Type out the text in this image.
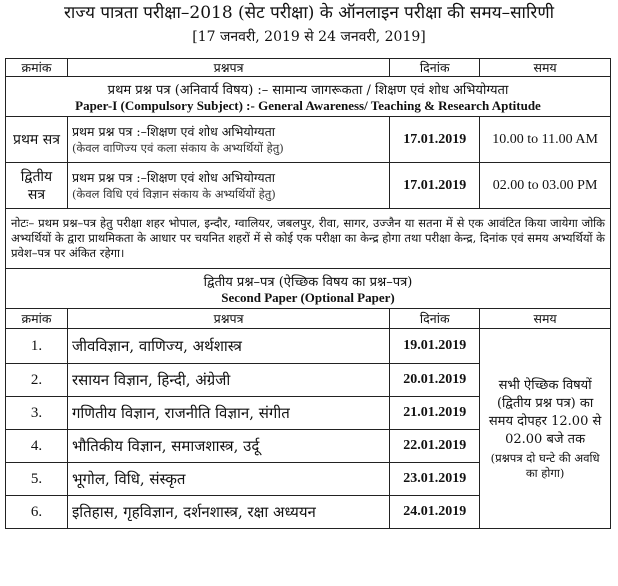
राज्य पात्रता परीक्षा–2018 (सेट परीक्षा) के ऑनलाइन परीक्षा की समय–सारिणी
[17 जनवरी, 2019 से 24 जनवरी, 2019]
क्रमांक	प्रश्नपत्र	दिनांक	समय

प्रथम प्रश्न पत्र (अनिवार्य विषय) :– सामान्य जागरूकता / शिक्षण एवं शोध अभियोग्यता
Paper-I (Compulsory Subject) :- General Awareness/ Teaching & Research Aptitude			

प्रथम सत्र	प्रथम प्रश्न पत्र :–शिक्षण एवं शोध अभियोग्यता
(केवल वाणिज्य एवं कला संकाय के अभ्यर्थियों हेतु)	17.01.2019	10.00 to 11.00 AM
द्वितीय सत्र	प्रथम प्रश्न पत्र :–शिक्षण एवं शोध अभियोग्यता
(केवल विधि एवं विज्ञान संकाय के अभ्यर्थियों हेतु)	17.01.2019	02.00 to 03.00 PM
नोटः– प्रथम प्रश्न–पत्र हेतु परीक्षा शहर भोपाल, इन्दौर, ग्वालियर, जबलपुर, रीवा, सागर, उज्जैन या सतना में से एक आवंटित किया जायेगा जोकि अभ्यर्थियों के द्वारा प्राथमिकता के आधार पर चयनित शहरों में से कोई एक परीक्षा का केन्द्र होगा तथा परीक्षा केन्द्र, दिनांक एवं समय अभ्यर्थियों के प्रवेश–पत्र पर अंकित रहेगा।			

द्वितीय प्रश्न–पत्र (ऐच्छिक विषय का प्रश्न–पत्र)
Second Paper (Optional Paper)			

क्रमांक	प्रश्नपत्र	दिनांक	समय
1.	जीवविज्ञान, वाणिज्य, अर्थशास्त्र	19.01.2019	सभी ऐच्छिक विषयों (द्वितीय प्रश्न पत्र) का समय दोपहर 12.00 से 02.00 बजे तक
(प्रश्नपत्र दो घन्टे की अवधि का होगा)

2.	रसायन विज्ञान, हिन्दी, अंग्रेजी	20.01.2019	
3.	गणितीय विज्ञान, राजनीति विज्ञान, संगीत	21.01.2019	
4.	भौतिकीय विज्ञान, समाजशास्त्र, उर्दू	22.01.2019	
5.	भूगोल, विधि, संस्कृत	23.01.2019	
6.	इतिहास, गृहविज्ञान, दर्शनशास्त्र, रक्षा अध्ययन	24.01.2019	
